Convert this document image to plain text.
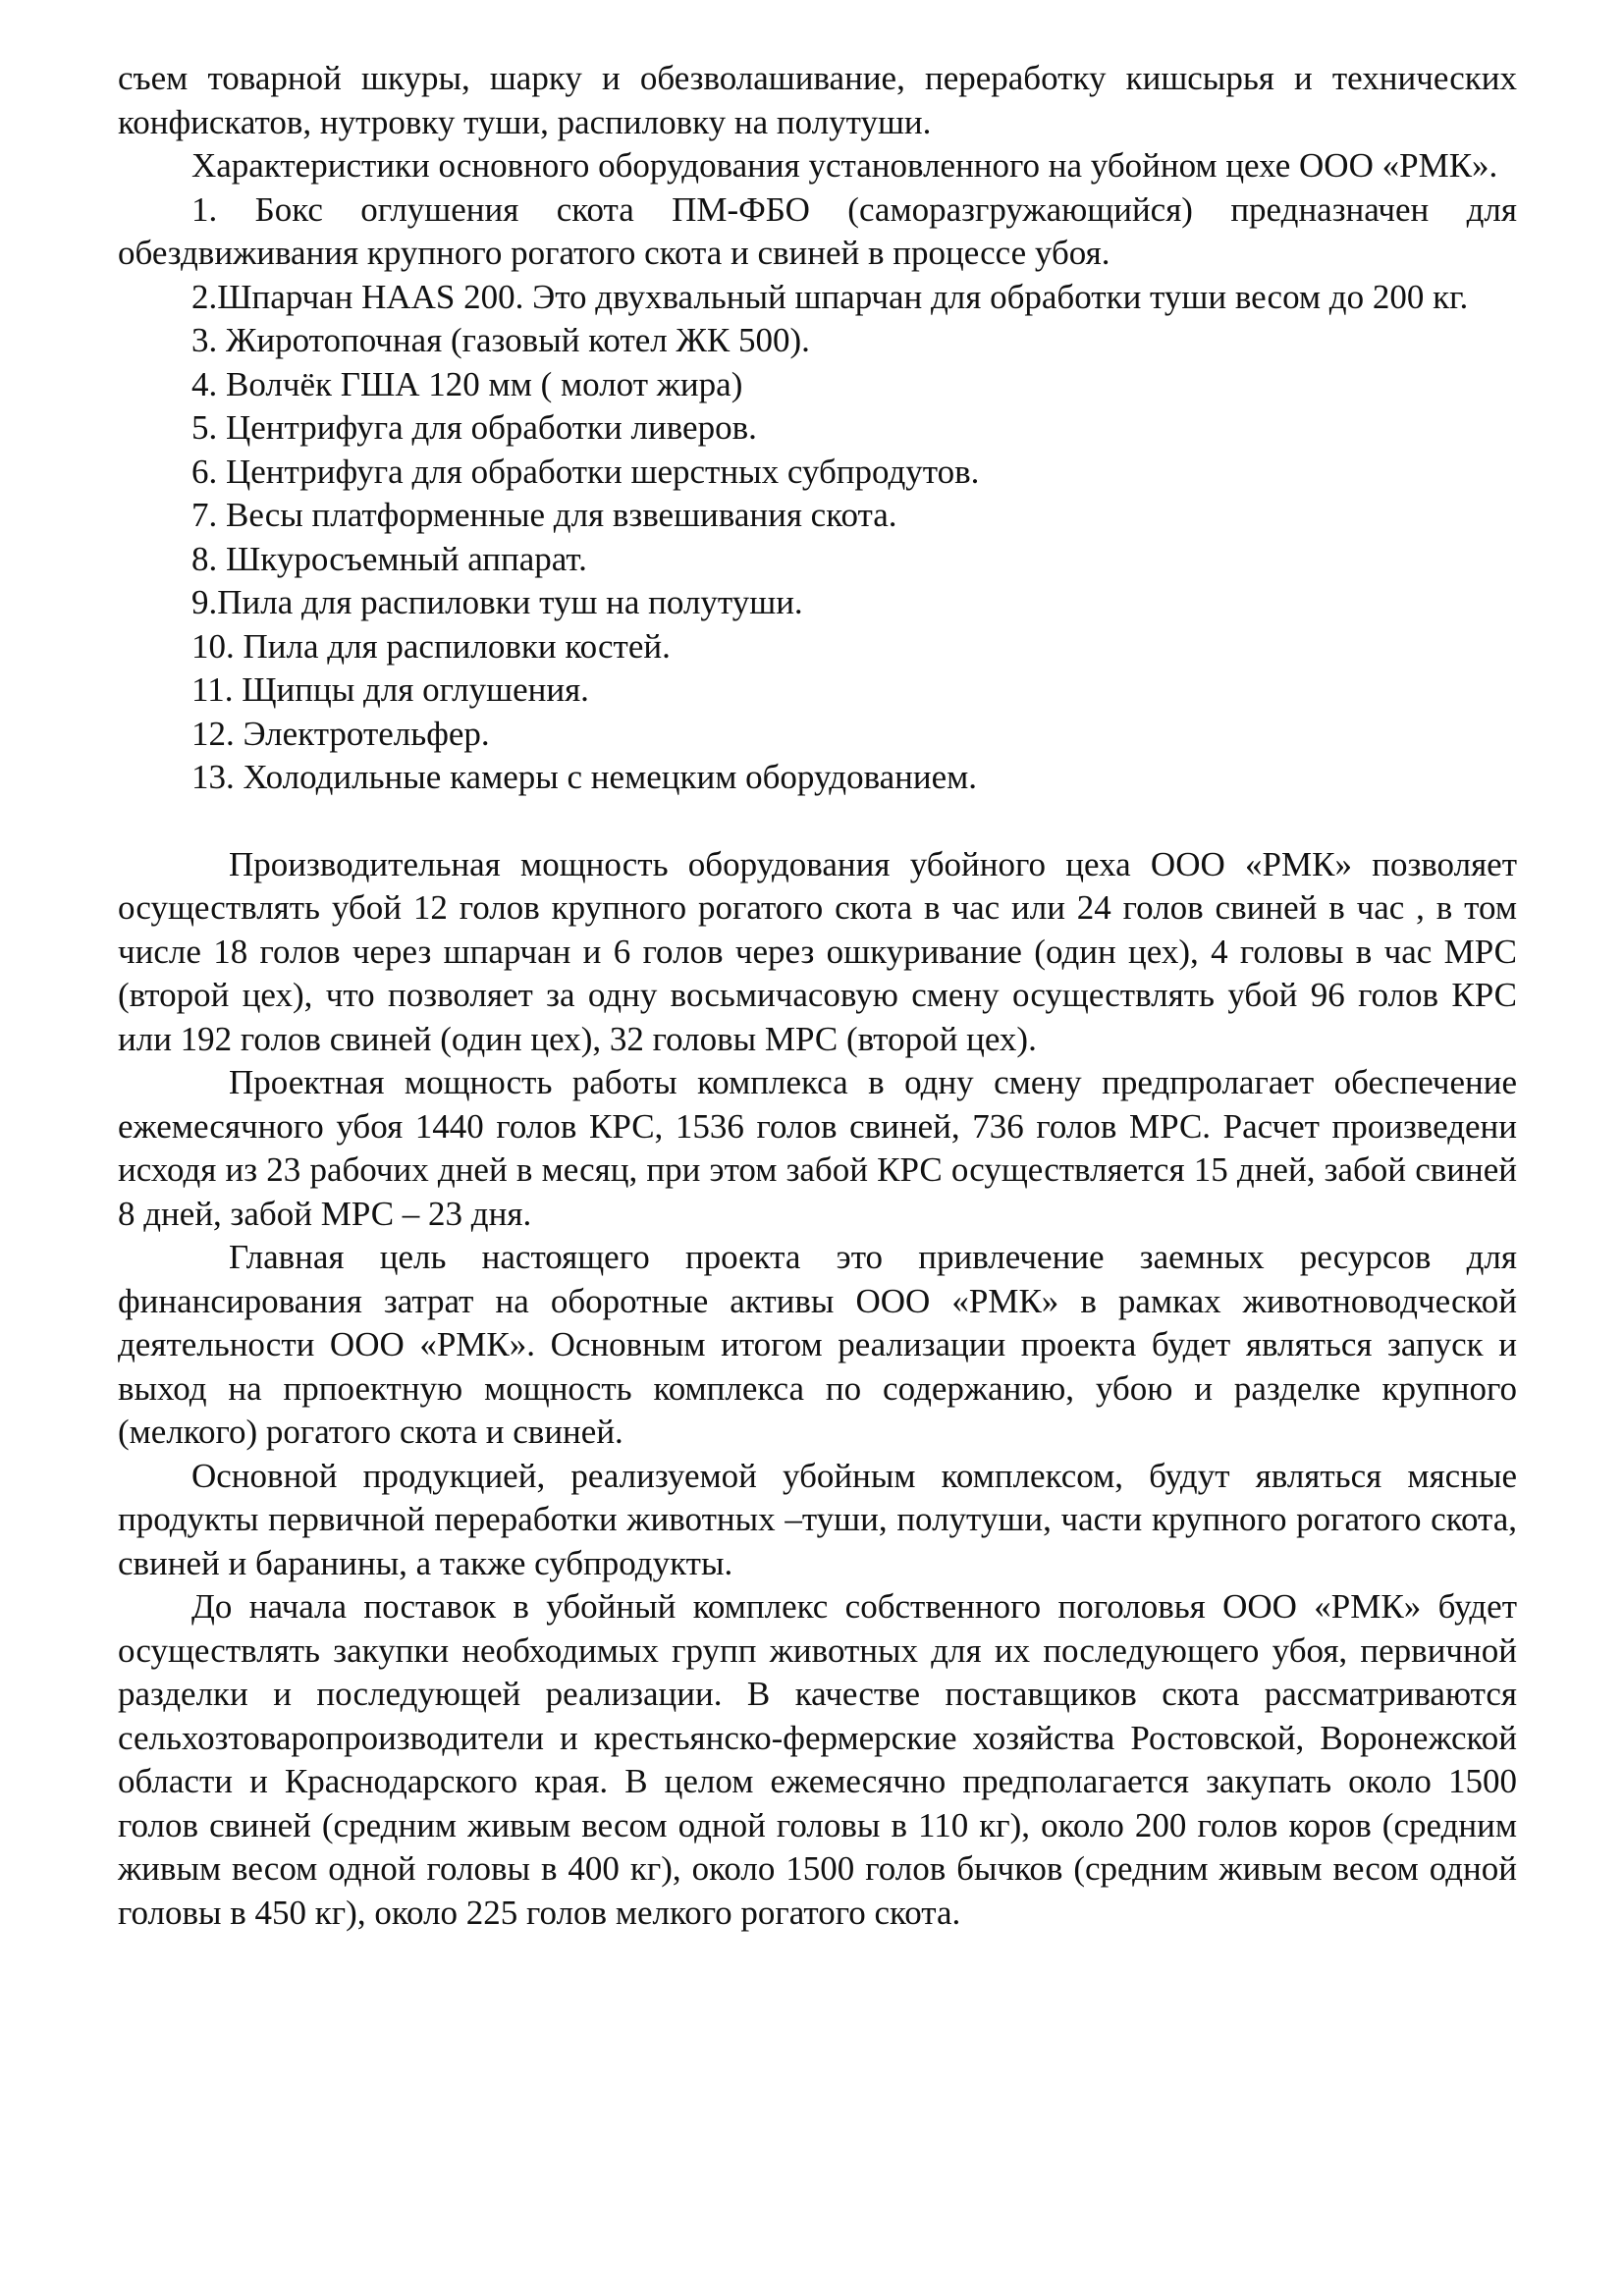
съем товарной шкуры, шарку и обезволашивание, переработку кишсырья и технических конфискатов, нутровку туши, распиловку на полутуши.

Характеристики основного оборудования установленного на убойном цехе ООО «РМК».

1. Бокс оглушения скота ПМ-ФБО (саморазгружающийся) предназначен для обездвиживания крупного рогатого скота и свиней в процессе убоя.

2.Шпарчан HAAS 200. Это двухвальный шпарчан для обработки туши весом до 200 кг.

3. Жиротопочная (газовый котел ЖК 500).
4. Волчёк ГША 120 мм ( молот жира)
5. Центрифуга для обработки ливеров.
6. Центрифуга для обработки шерстных субпродутов.
7. Весы платформенные для взвешивания скота.
8. Шкуросъемный аппарат.
9.Пила для распиловки туш на полутуши.
10. Пила для распиловки костей.
11. Щипцы для оглушения.
12. Электротельфер.
13. Холодильные камеры с немецким оборудованием.

Производительная мощность оборудования убойного цеха ООО «РМК» позволяет осуществлять убой 12 голов крупного рогатого скота в час или 24 голов свиней в час , в том числе 18 голов через шпарчан и 6 голов через ошкуривание (один цех), 4 головы в час МРС (второй цех), что позволяет за одну восьмичасовую смену осуществлять убой 96 голов КРС или 192 голов свиней (один цех), 32 головы МРС (второй цех).

Проектная мощность работы комплекса в одну смену предпролагает обеспечение ежемесячного убоя 1440 голов КРС, 1536 голов свиней, 736 голов МРС. Расчет произведени исходя из 23 рабочих дней в месяц, при этом забой КРС осуществляется 15 дней, забой свиней 8 дней, забой МРС – 23 дня.

Главная цель настоящего проекта это привлечение заемных ресурсов для финансирования затрат на оборотные активы ООО «РМК» в рамках животноводческой деятельности ООО «РМК». Основным итогом реализации проекта будет являться запуск и выход на прпоектную мощность комплекса по содержанию, убою и разделке крупного (мелкого) рогатого скота и свиней.

Основной продукцией, реализуемой убойным комплексом, будут являться мясные продукты первичной переработки животных –туши, полутуши, части крупного рогатого скота, свиней и баранины, а также субпродукты.

До начала поставок в убойный комплекс собственного поголовья ООО «РМК» будет осуществлять закупки необходимых групп животных для их последующего убоя, первичной разделки и последующей реализации. В качестве поставщиков скота рассматриваются сельхозтоваропроизводители и крестьянско-фермерские хозяйства Ростовской, Воронежской области и Краснодарского края. В целом ежемесячно предполагается закупать около 1500 голов свиней (средним живым весом одной головы в 110 кг), около 200 голов коров (средним живым весом одной головы в 400 кг), около 1500 голов бычков (средним живым весом одной головы в 450 кг), около 225 голов мелкого рогатого скота.
